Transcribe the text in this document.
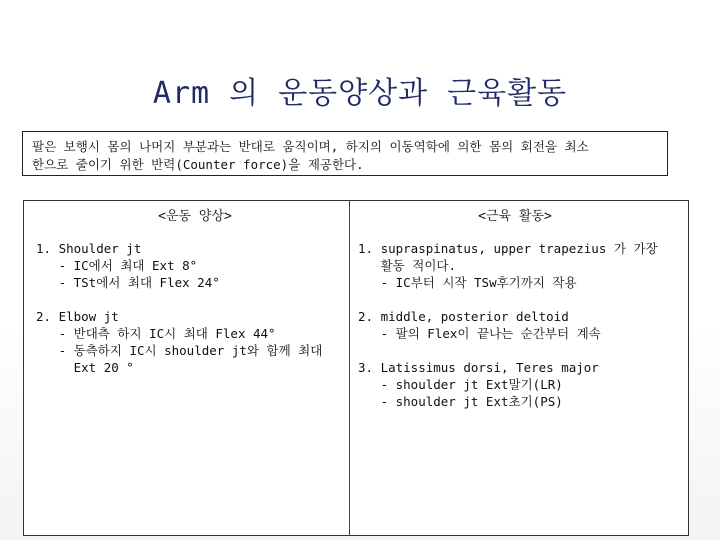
Arm 의 운동양상과 근육활동
팔은 보행시 몸의 나머지 부분과는 반대로 움직이며, 하지의 이동역학에 의한 몸의 회전을 최소
한으로 줄이기 위한 반력(Counter force)을 제공한다.
<운동 양상>	<근육 활동>
1. Shoulder jt
- IC에서 최대 Ext 8°
- TSt에서 최대 Flex 24°
2. Elbow jt
- 반대측 하지 IC시 최대 Flex 44°
- 동측하지 IC시 shoulder jt와 함께 최대
Ext 20 °
1. supraspinatus, upper trapezius 가 가장
활동 적이다.
- IC부터 시작 TSw후기까지 작용
2. middle, posterior deltoid
- 팔의 Flex이 끝나는 순간부터 계속
3. Latissimus dorsi, Teres major
- shoulder jt Ext말기(LR)
- shoulder jt Ext초기(PS)
